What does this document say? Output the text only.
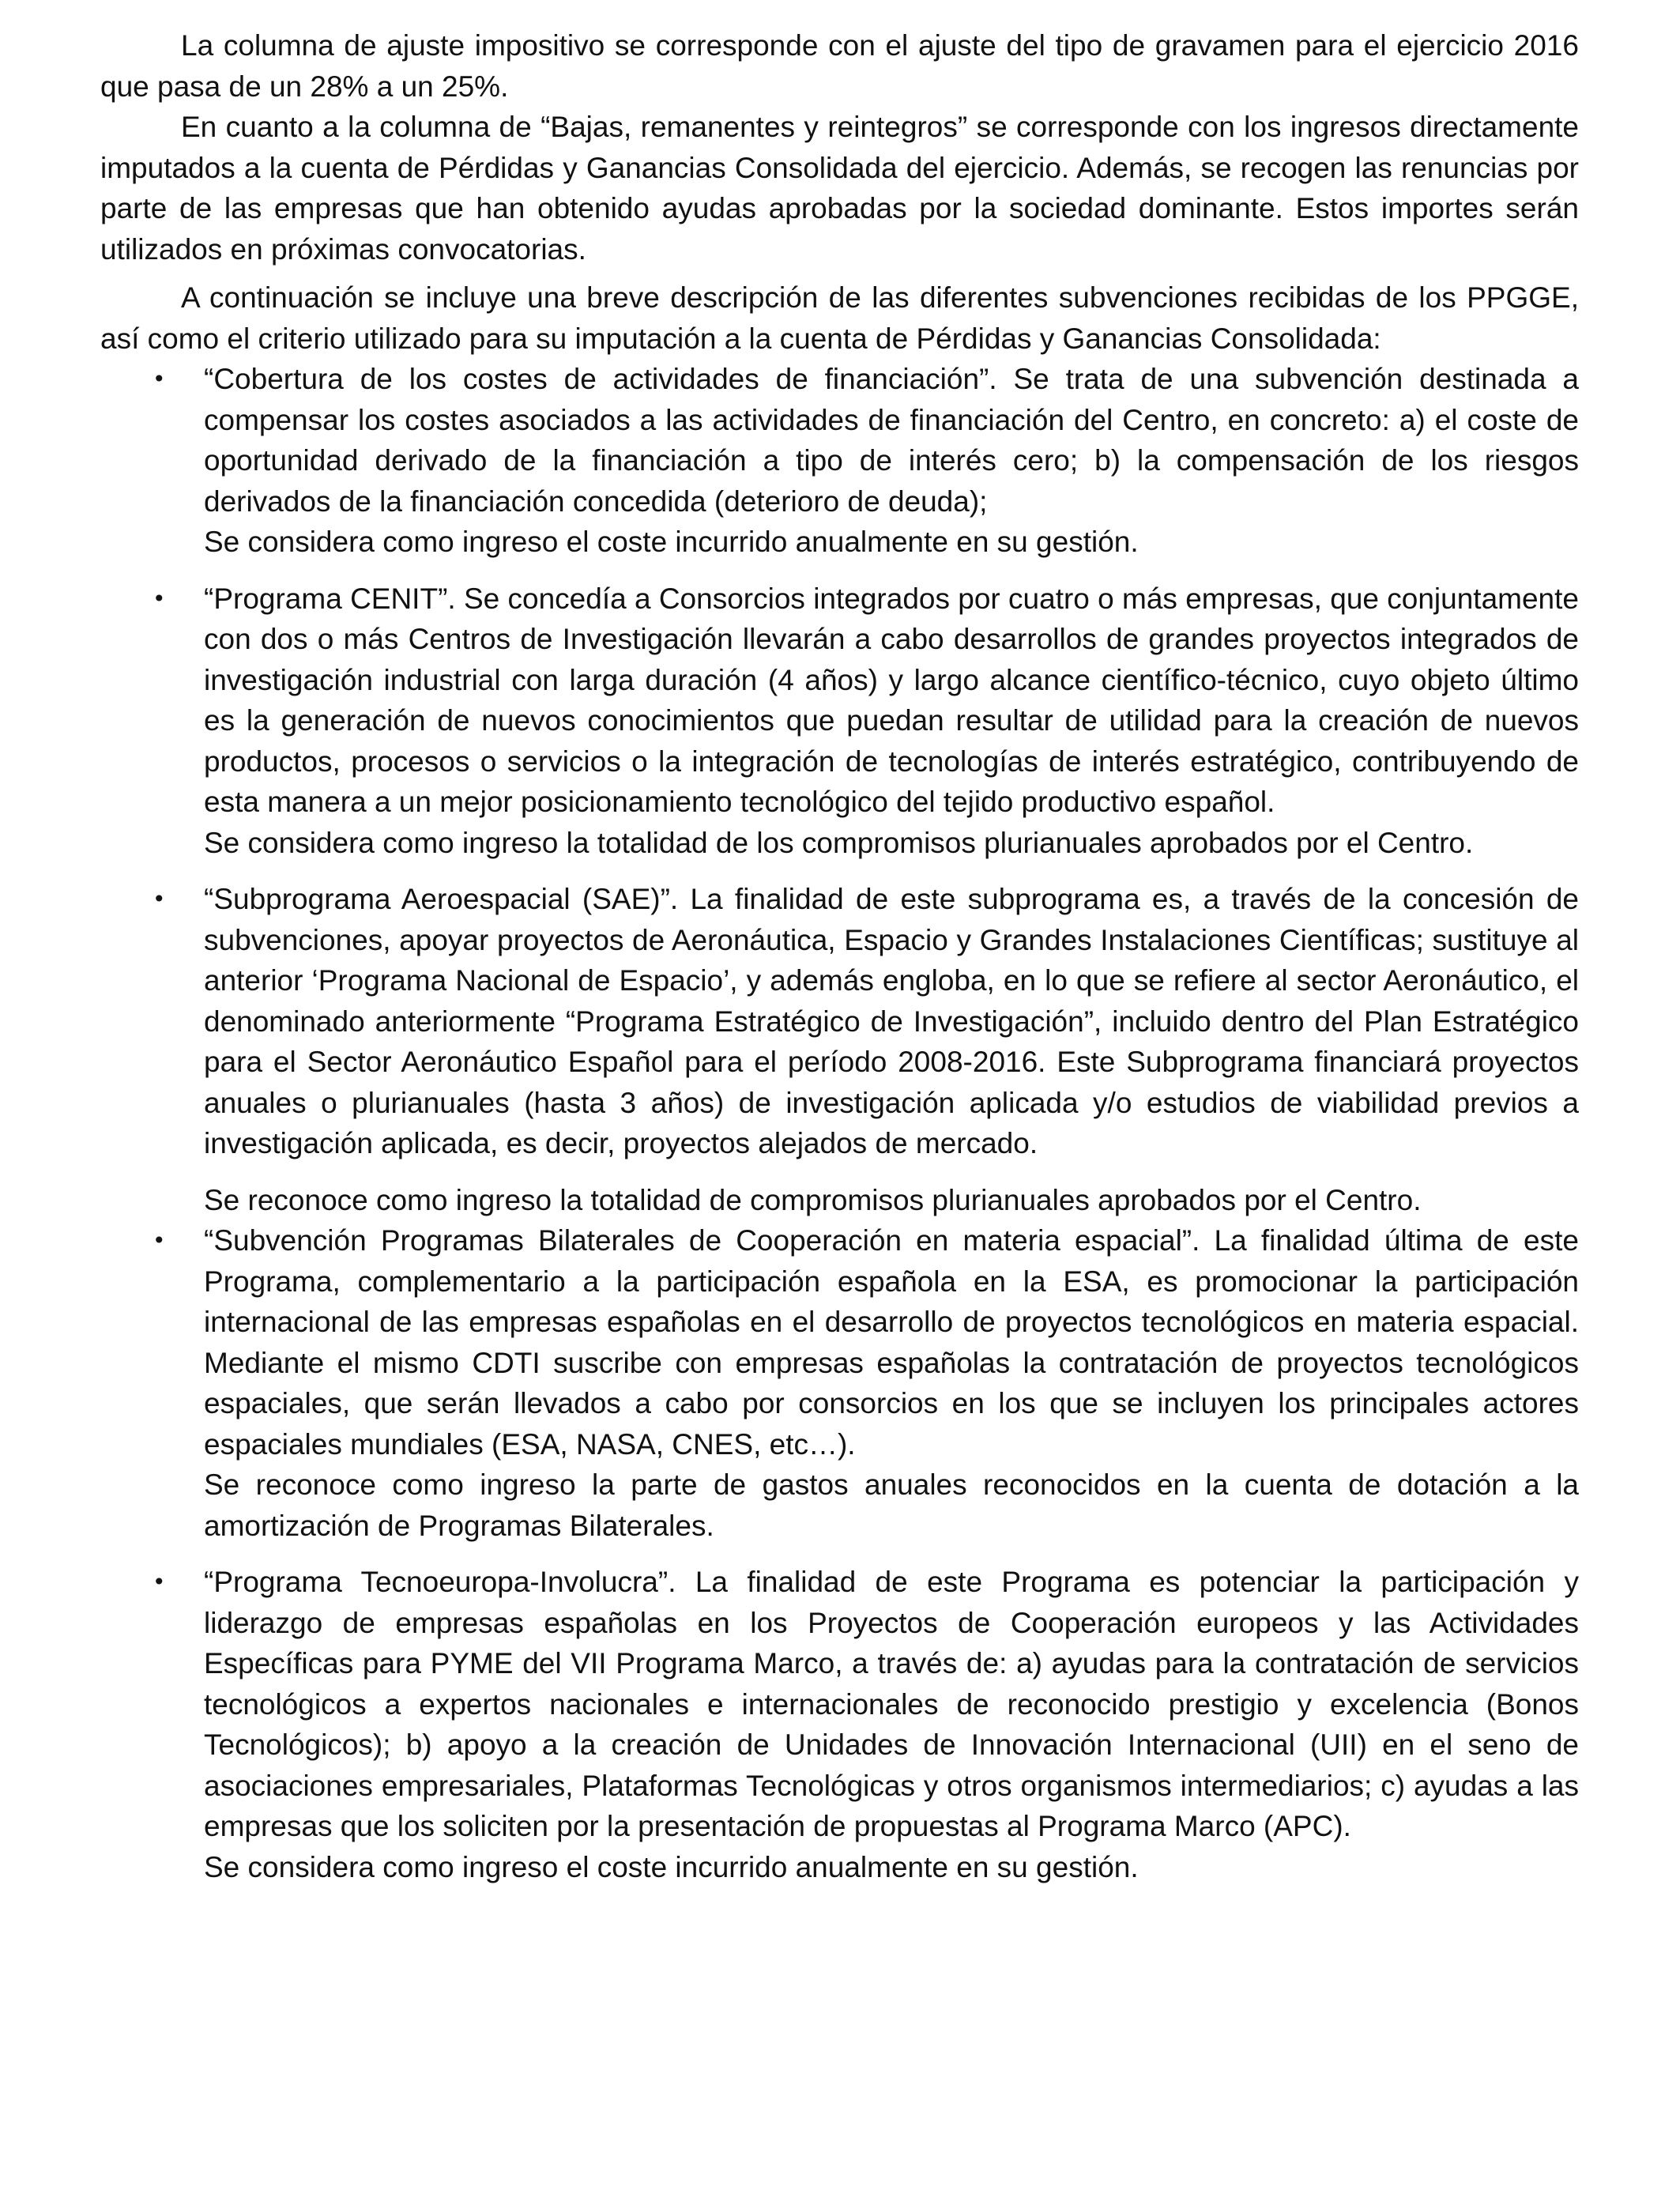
La columna de ajuste impositivo se corresponde con el ajuste del tipo de gravamen para el ejercicio 2016 que pasa de un 28% a un 25%.

En cuanto a la columna de “Bajas, remanentes y reintegros” se corresponde con los ingresos directamente imputados a la cuenta de Pérdidas y Ganancias Consolidada del ejercicio. Además, se recogen las renuncias por parte de las empresas que han obtenido ayudas aprobadas por la sociedad dominante. Estos importes serán utilizados en próximas convocatorias.

A continuación se incluye una breve descripción de las diferentes subvenciones recibidas de los PPGGE, así como el criterio utilizado para su imputación a la cuenta de Pérdidas y Ganancias Consolidada:

•	“Cobertura de los costes de actividades de financiación”. Se trata de una subvención destinada a compensar los costes asociados a las actividades de financiación del Centro, en concreto: a) el coste de oportunidad derivado de la financiación a tipo de interés cero; b) la compensación de los riesgos derivados de la financiación concedida (deterioro de deuda);

Se considera como ingreso el coste incurrido anualmente en su gestión.

•	“Programa CENIT”. Se concedía a Consorcios integrados por cuatro o más empresas, que conjuntamente con dos o más Centros de Investigación llevarán a cabo desarrollos de grandes proyectos integrados de investigación industrial con larga duración (4 años) y largo alcance científico-técnico, cuyo objeto último es la generación de nuevos conocimientos que puedan resultar de utilidad para la creación de nuevos productos, procesos o servicios o la integración de tecnologías de interés estratégico, contribuyendo de esta manera a un mejor posicionamiento tecnológico del tejido productivo español.

Se considera como ingreso la totalidad de los compromisos plurianuales aprobados por el Centro.

•	“Subprograma Aeroespacial (SAE)”. La finalidad de este subprograma es, a través de la concesión de subvenciones, apoyar proyectos de Aeronáutica, Espacio y Grandes Instalaciones Científicas; sustituye al anterior ‘Programa Nacional de Espacio’, y además engloba, en lo que se refiere al sector Aeronáutico, el denominado anteriormente “Programa Estratégico de Investigación”, incluido dentro del Plan Estratégico para el Sector Aeronáutico Español para el período 2008-2016. Este Subprograma financiará proyectos anuales o plurianuales (hasta 3 años) de investigación aplicada y/o estudios de viabilidad previos a investigación aplicada, es decir, proyectos alejados de mercado.

Se reconoce como ingreso la totalidad de compromisos plurianuales aprobados por el Centro.

•	“Subvención Programas Bilaterales de Cooperación en materia espacial”. La finalidad última de este Programa, complementario a la participación española en la ESA, es promocionar la participación internacional de las empresas españolas en el desarrollo de proyectos tecnológicos en materia espacial. Mediante el mismo CDTI suscribe con empresas españolas la contratación de proyectos tecnológicos espaciales, que serán llevados a cabo por consorcios en los que se incluyen los principales actores espaciales mundiales (ESA, NASA, CNES, etc…).

Se reconoce como ingreso la parte de gastos anuales reconocidos en la cuenta de dotación a la amortización de Programas Bilaterales.

•	“Programa Tecnoeuropa-Involucra”. La finalidad de este Programa es potenciar la participación y liderazgo de empresas españolas en los Proyectos de Cooperación europeos y las Actividades Específicas para PYME del VII Programa Marco, a través de: a) ayudas para la contratación de servicios tecnológicos a expertos nacionales e internacionales de reconocido prestigio y excelencia (Bonos Tecnológicos); b) apoyo a la creación de Unidades de Innovación Internacional (UII) en el seno de asociaciones empresariales, Plataformas Tecnológicas y otros organismos intermediarios; c) ayudas a las empresas que los soliciten por la presentación de propuestas al Programa Marco (APC).

Se considera como ingreso el coste incurrido anualmente en su gestión.
